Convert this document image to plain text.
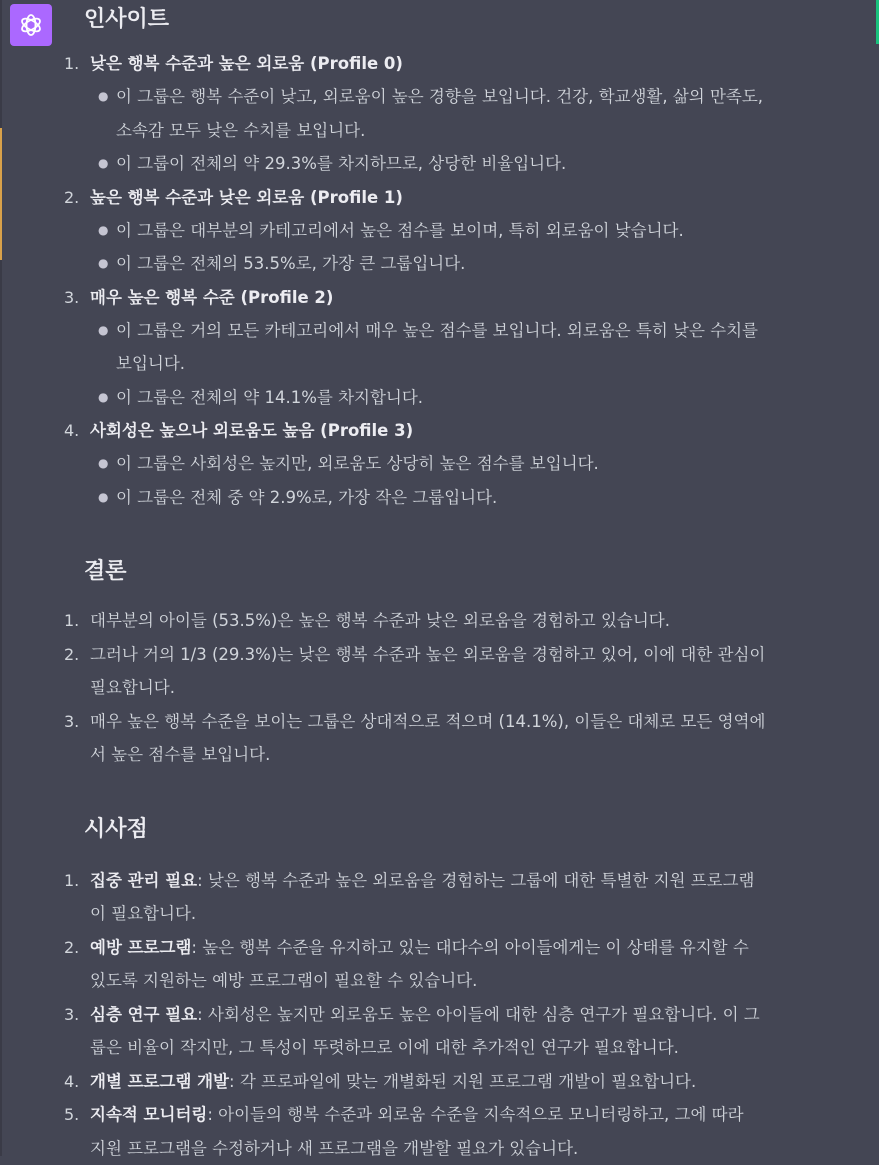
인사이트
1. 낮은 행복 수준과 높은 외로움 (Profile 0)
● 이 그룹은 행복 수준이 낮고, 외로움이 높은 경향을 보입니다. 건강, 학교생활, 삶의 만족도,
소속감 모두 낮은 수치를 보입니다.
● 이 그룹이 전체의 약 29.3%를 차지하므로, 상당한 비율입니다.
2. 높은 행복 수준과 낮은 외로움 (Profile 1)
● 이 그룹은 대부분의 카테고리에서 높은 점수를 보이며, 특히 외로움이 낮습니다.
● 이 그룹은 전체의 53.5%로, 가장 큰 그룹입니다.
3. 매우 높은 행복 수준 (Profile 2)
● 이 그룹은 거의 모든 카테고리에서 매우 높은 점수를 보입니다. 외로움은 특히 낮은 수치를
보입니다.
● 이 그룹은 전체의 약 14.1%를 차지합니다.
4. 사회성은 높으나 외로움도 높음 (Profile 3)
● 이 그룹은 사회성은 높지만, 외로움도 상당히 높은 점수를 보입니다.
● 이 그룹은 전체 중 약 2.9%로, 가장 작은 그룹입니다.
결론
1. 대부분의 아이들 (53.5%)은 높은 행복 수준과 낮은 외로움을 경험하고 있습니다.
2. 그러나 거의 1/3 (29.3%)는 낮은 행복 수준과 높은 외로움을 경험하고 있어, 이에 대한 관심이
필요합니다.
3. 매우 높은 행복 수준을 보이는 그룹은 상대적으로 적으며 (14.1%), 이들은 대체로 모든 영역에
서 높은 점수를 보입니다.
시사점
1. 집중 관리 필요: 낮은 행복 수준과 높은 외로움을 경험하는 그룹에 대한 특별한 지원 프로그램
이 필요합니다.
2. 예방 프로그램: 높은 행복 수준을 유지하고 있는 대다수의 아이들에게는 이 상태를 유지할 수
있도록 지원하는 예방 프로그램이 필요할 수 있습니다.
3. 심층 연구 필요: 사회성은 높지만 외로움도 높은 아이들에 대한 심층 연구가 필요합니다. 이 그
룹은 비율이 작지만, 그 특성이 뚜렷하므로 이에 대한 추가적인 연구가 필요합니다.
4. 개별 프로그램 개발: 각 프로파일에 맞는 개별화된 지원 프로그램 개발이 필요합니다.
5. 지속적 모니터링: 아이들의 행복 수준과 외로움 수준을 지속적으로 모니터링하고, 그에 따라
지원 프로그램을 수정하거나 새 프로그램을 개발할 필요가 있습니다.
